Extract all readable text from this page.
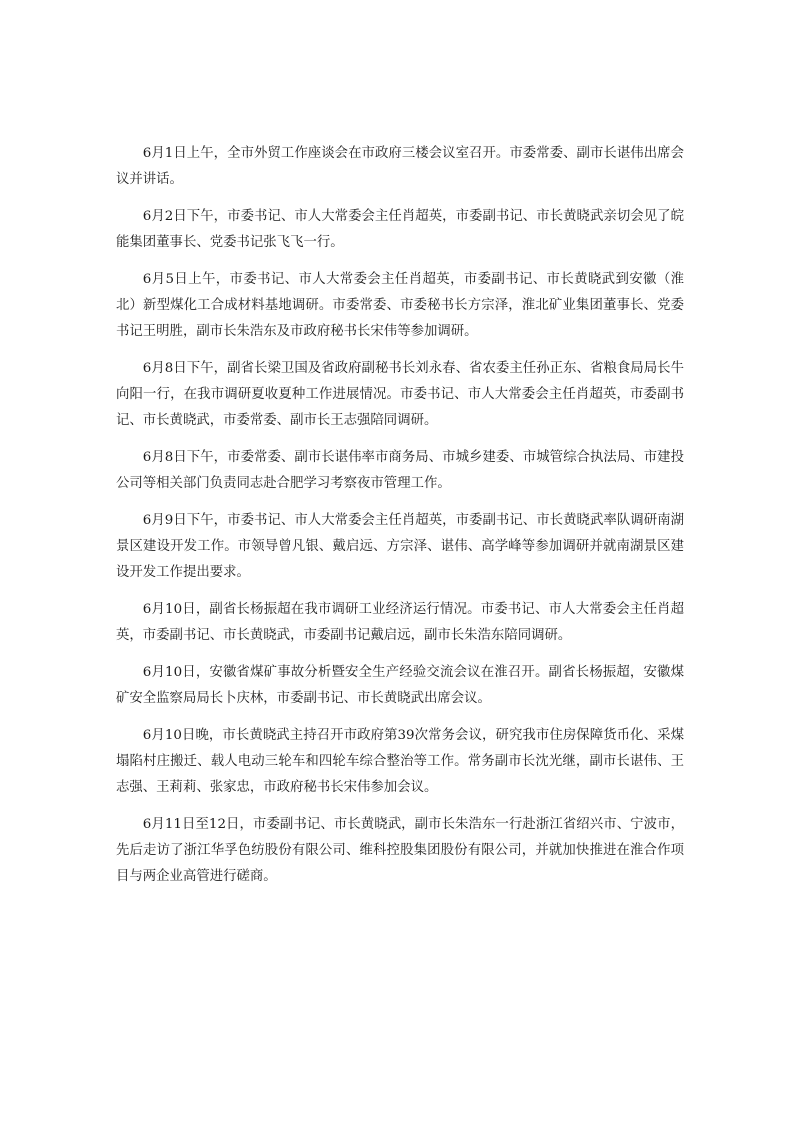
6月1日上午，全市外贸工作座谈会在市政府三楼会议室召开。市委常委、副市长谌伟出席会议并讲话。

6月2日下午，市委书记、市人大常委会主任肖超英，市委副书记、市长黄晓武亲切会见了皖能集团董事长、党委书记张飞飞一行。

6月5日上午，市委书记、市人大常委会主任肖超英，市委副书记、市长黄晓武到安徽（淮北）新型煤化工合成材料基地调研。市委常委、市委秘书长方宗泽，淮北矿业集团董事长、党委书记王明胜，副市长朱浩东及市政府秘书长宋伟等参加调研。

6月8日下午，副省长梁卫国及省政府副秘书长刘永春、省农委主任孙正东、省粮食局局长牛向阳一行，在我市调研夏收夏种工作进展情况。市委书记、市人大常委会主任肖超英，市委副书记、市长黄晓武，市委常委、副市长王志强陪同调研。

6月8日下午，市委常委、副市长谌伟率市商务局、市城乡建委、市城管综合执法局、市建投公司等相关部门负责同志赴合肥学习考察夜市管理工作。

6月9日下午，市委书记、市人大常委会主任肖超英，市委副书记、市长黄晓武率队调研南湖景区建设开发工作。市领导曾凡银、戴启远、方宗泽、谌伟、高学峰等参加调研并就南湖景区建设开发工作提出要求。

6月10日，副省长杨振超在我市调研工业经济运行情况。市委书记、市人大常委会主任肖超英，市委副书记、市长黄晓武，市委副书记戴启远，副市长朱浩东陪同调研。

6月10日，安徽省煤矿事故分析暨安全生产经验交流会议在淮召开。副省长杨振超，安徽煤矿安全监察局局长卜庆林，市委副书记、市长黄晓武出席会议。

6月10日晚，市长黄晓武主持召开市政府第39次常务会议，研究我市住房保障货币化、采煤塌陷村庄搬迁、载人电动三轮车和四轮车综合整治等工作。常务副市长沈光继，副市长谌伟、王志强、王莉莉、张家忠，市政府秘书长宋伟参加会议。

6月11日至12日，市委副书记、市长黄晓武，副市长朱浩东一行赴浙江省绍兴市、宁波市，先后走访了浙江华孚色纺股份有限公司、维科控股集团股份有限公司，并就加快推进在淮合作项目与两企业高管进行磋商。
